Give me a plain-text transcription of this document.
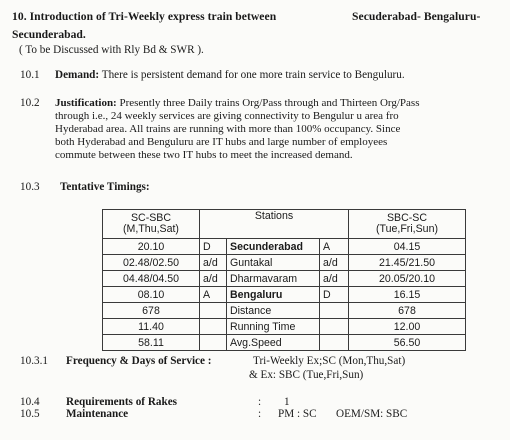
10. Introduction of Tri-Weekly express train between	Secuderabad- Bengaluru-
Secunderabad.
( To be Discussed with Rly Bd & SWR ).
10.1 Demand: There is persistent demand for one more train service to Benguluru.
10.2 Justification: Presently three Daily trains Org/Pass through and Thirteen Org/Pass
through i.e., 24 weekly services are giving connectivity to Bengulur u area fro
Hyderabad area. All trains are running with more than 100% occupancy. Since
both Hyderabad and Benguluru are IT hubs and large number of employees
commute between these two IT hubs to meet the increased demand.
10.3 Tentative Timings:
SC-SBC
(M,Thu,Sat)	Stations			SBC-SC
(Tue,Fri,Sun)
20.10	D	Secunderabad	A	04.15
02.48/02.50	a/d	Guntakal	a/d	21.45/21.50
04.48/04.50	a/d	Dharmavaram	a/d	20.05/20.10
08.10	A	Bengaluru	D	16.15
678		Distance		678
11.40		Running Time		12.00
58.11		Avg.Speed		56.50
10.3.1 Frequency & Days of Service :	Tri-Weekly Ex;SC (Mon,Thu,Sat)
& Ex: SBC (Tue,Fri,Sun)
10.4 Requirements of Rakes	: 1
10.5 Maintenance	: PM : SC OEM/SM: SBC
